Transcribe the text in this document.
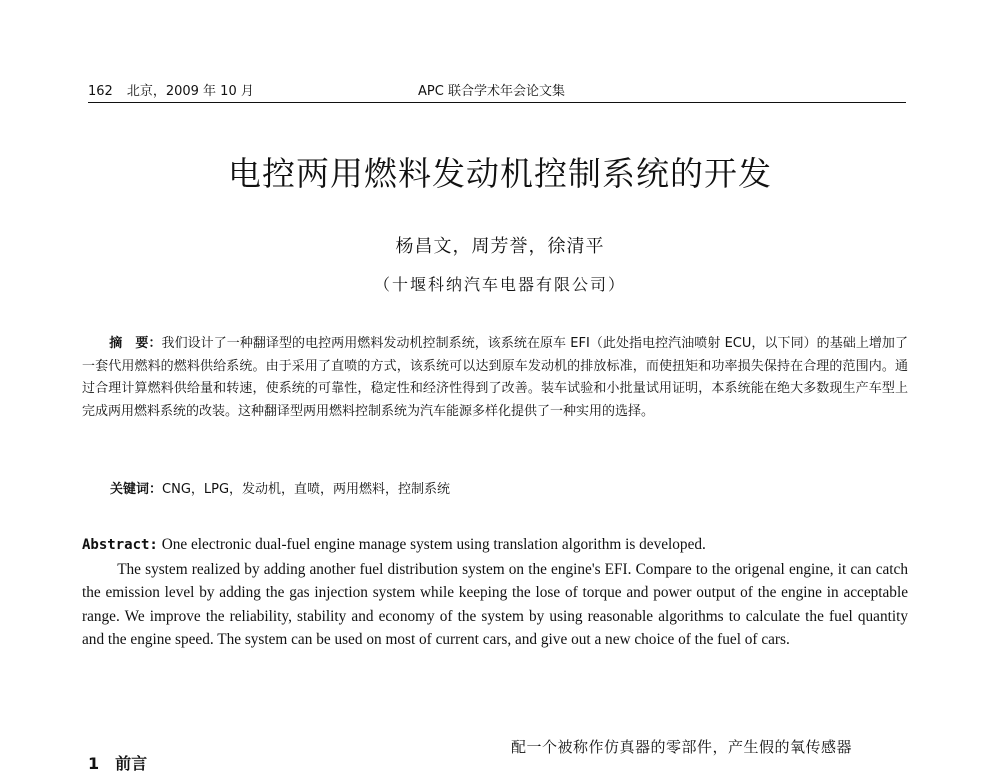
162 北京，2009 年 10 月	APC 联合学术年会论文集
电控两用燃料发动机控制系统的开发
杨昌文，周芳誉，徐清平
（十堰科纳汽车电器有限公司）

摘　要：我们设计了一种翻译型的电控两用燃料发动机控制系统，该系统在原车 EFI（此处指电控汽油喷射 ECU，以下同）的基础上增加了一套代用燃料的燃料供给系统。由于采用了直喷的方式，该系统可以达到原车发动机的排放标准，而使扭矩和功率损失保持在合理的范围内。通过合理计算燃料供给量和转速，使系统的可靠性，稳定性和经济性得到了改善。装车试验和小批量试用证明，本系统能在绝大多数现生产车型上完成两用燃料系统的改装。这种翻译型两用燃料控制系统为汽车能源多样化提供了一种实用的选择。

关键词：CNG，LPG，发动机，直喷，两用燃料，控制系统

Abstract: One electronic dual-fuel engine manage system using translation algorithm is developed.

The system realized by adding another fuel distribution system on the engine's EFI. Compare to the origenal engine, it can catch the emission level by adding the gas injection system while keeping the lose of torque and power output of the engine in acceptable range. We improve the reliability, stability and economy of the system by using reasonable algorithms to calculate the fuel quantity and the engine speed. The system can be used on most of current cars, and give out a new choice of the fuel of cars.

配一个被称作仿真器的零部件，产生假的氧传感器
1　前言
